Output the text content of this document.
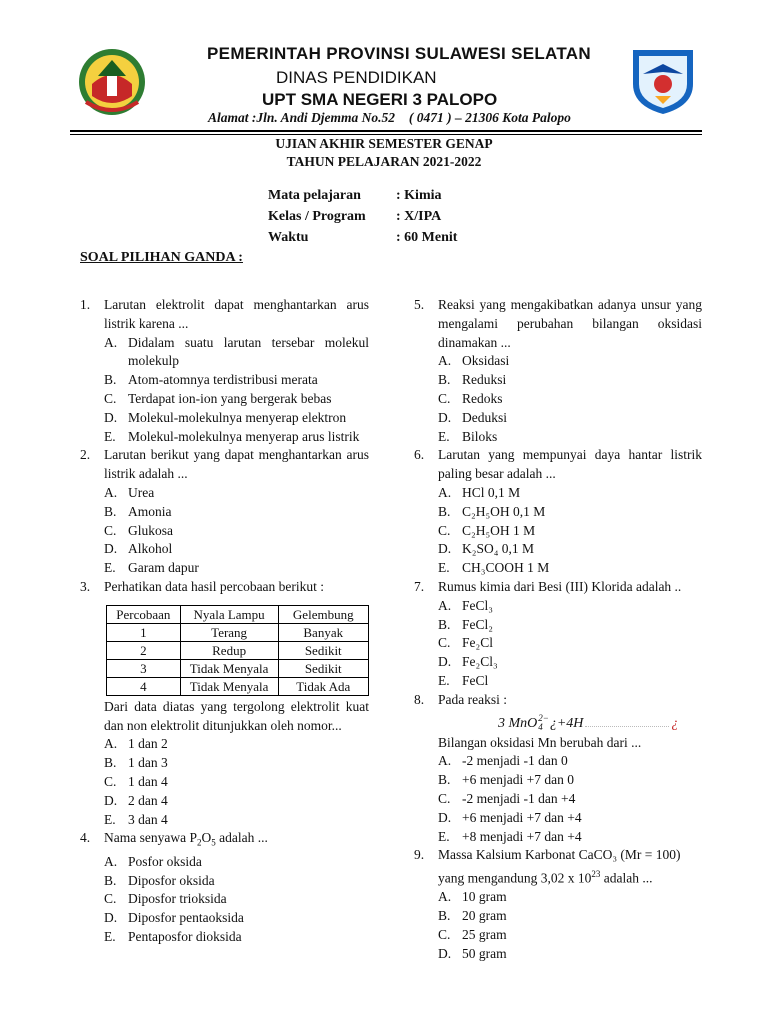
PEMERINTAH PROVINSI SULAWESI SELATAN
DINAS PENDIDIKAN
UPT SMA NEGERI 3 PALOPO
Alamat :Jln. Andi Djemma No.52  ( 0471 ) – 21306 Kota Palopo
UJIAN AKHIR SEMESTER GENAP
TAHUN PELAJARAN 2021-2022
Mata pelajaran	: Kimia
Kelas / Program : X/IPA
Waktu	: 60 Menit
SOAL PILIHAN GANDA :
1. Larutan elektrolit dapat menghantarkan arus listrik karena ...
A. Didalam suatu larutan tersebar molekul molekulp
B. Atom-atomnya terdistribusi merata
C. Terdapat ion-ion yang bergerak bebas
D. Molekul-molekulnya menyerap elektron
E. Molekul-molekulnya menyerap arus listrik
2. Larutan berikut yang dapat menghantarkan arus listrik adalah ...
A. Urea
B. Amonia
C. Glukosa
D. Alkohol
E. Garam dapur
3. Perhatikan data hasil percobaan berikut :
Percobaan	Nyala Lampu	Gelembung
1	Terang	Banyak
2	Redup	Sedikit
3	Tidak Menyala	Sedikit
4	Tidak Menyala	Tidak Ada
Dari data diatas yang tergolong elektrolit kuat dan non elektrolit ditunjukkan oleh nomor...
A. 1 dan 2
B. 1 dan 3
C. 1 dan 4
D. 2 dan 4
E. 3 dan 4
4. Nama senyawa $P_2O_5$ adalah ...
A. Posfor oksida
B. Diposfor oksida
C. Diposfor trioksida
D. Diposfor pentaoksida
E. Pentaposfor dioksida
5. Reaksi yang mengakibatkan adanya unsur yang mengalami perubahan bilangan oksidasi dinamakan ...
A. Oksidasi
B. Reduksi
C. Redoks
D. Deduksi
E. Biloks
6. Larutan yang mempunyai daya hantar listrik paling besar adalah ...
A. HCl 0,1 M
B. C₂H₅OH 0,1 M
C. C₂H₅OH 1 M
D. K₂SO₄ 0,1 M
E. CH₃COOH 1 M
7. Rumus kimia dari Besi (III) Klorida adalah ..
A. FeCl₃
B. FeCl₂
C. Fe₂Cl
D. Fe₂Cl₃
E. FeCl
8. Pada reaksi :
3 MnO 2−
4 ¿+4H	¿
Bilangan oksidasi Mn berubah dari ...
A. -2 menjadi -1 dan 0
B. +6 menjadi +7 dan 0
C. -2 menjadi -1 dan +4
D. +6 menjadi +7 dan +4
E. +8 menjadi +7 dan +4
9. Massa Kalsium Karbonat CaCO₃ (Mr = 100)
yang mengandung 3,02 x $10^{23}$ adalah ...
A. 10 gram
B. 20 gram
C. 25 gram
D. 50 gram
